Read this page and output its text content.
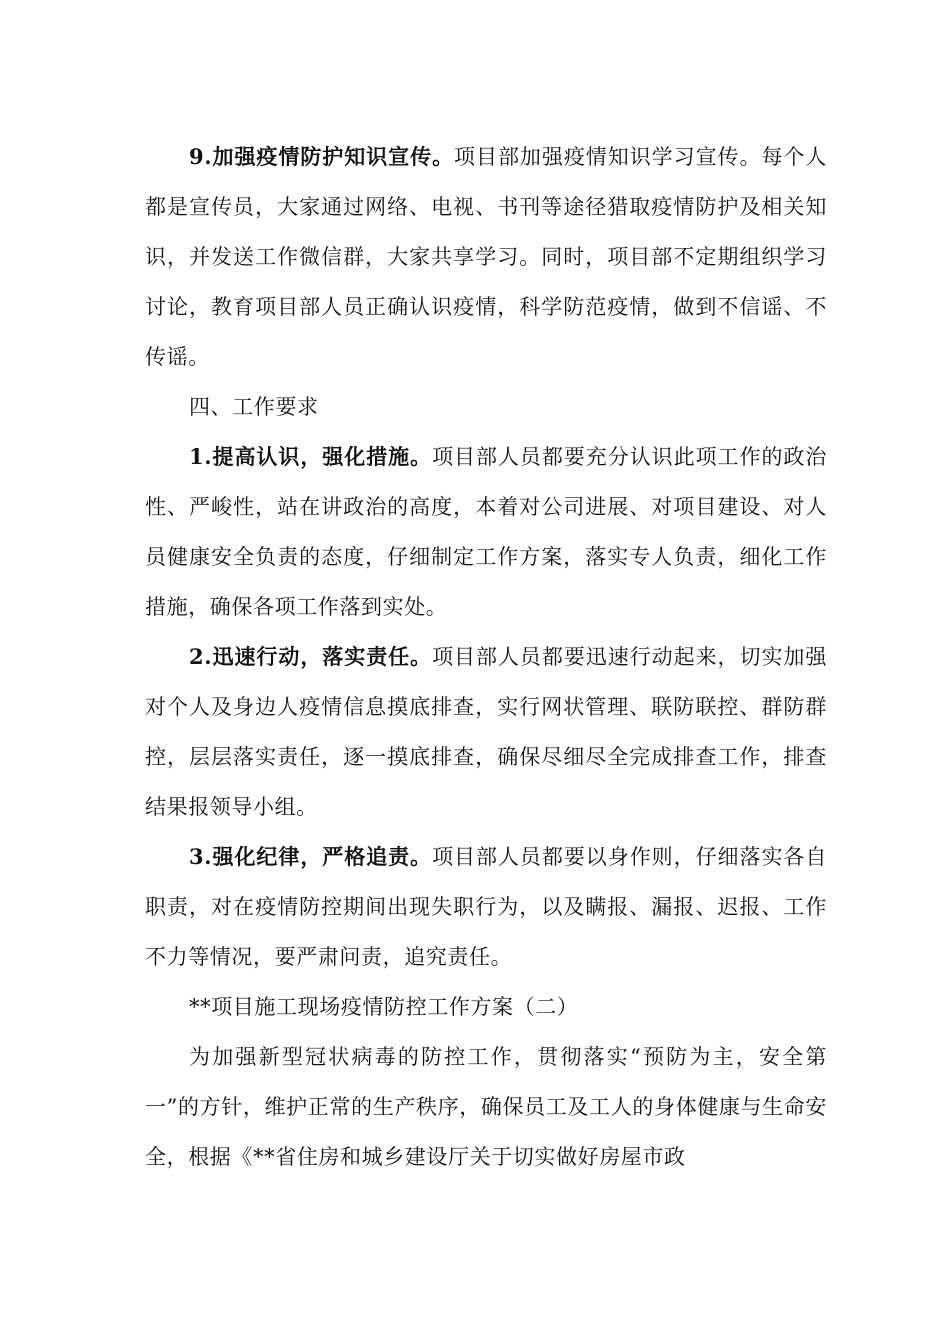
9.加强疫情防护知识宣传。项目部加强疫情知识学习宣传。每个人都是宣传员，大家通过网络、电视、书刊等途径猎取疫情防护及相关知识，并发送工作微信群，大家共享学习。同时，项目部不定期组织学习讨论，教育项目部人员正确认识疫情，科学防范疫情，做到不信谣、不传谣。

四、工作要求

1.提高认识，强化措施。项目部人员都要充分认识此项工作的政治性、严峻性，站在讲政治的高度，本着对公司进展、对项目建设、对人员健康安全负责的态度，仔细制定工作方案，落实专人负责，细化工作措施，确保各项工作落到实处。

2.迅速行动，落实责任。项目部人员都要迅速行动起来，切实加强对个人及身边人疫情信息摸底排查，实行网状管理、联防联控、群防群控，层层落实责任，逐一摸底排查，确保尽细尽全完成排查工作，排查结果报领导小组。

3.强化纪律，严格追责。项目部人员都要以身作则，仔细落实各自职责，对在疫情防控期间出现失职行为，以及瞒报、漏报、迟报、工作不力等情况，要严肃问责，追究责任。

**项目施工现场疫情防控工作方案（二）

为加强新型冠状病毒的防控工作，贯彻落实“预防为主，安全第一”的方针，维护正常的生产秩序，确保员工及工人的身体健康与生命安全，根据《**省住房和城乡建设厅关于切实做好房屋市政
